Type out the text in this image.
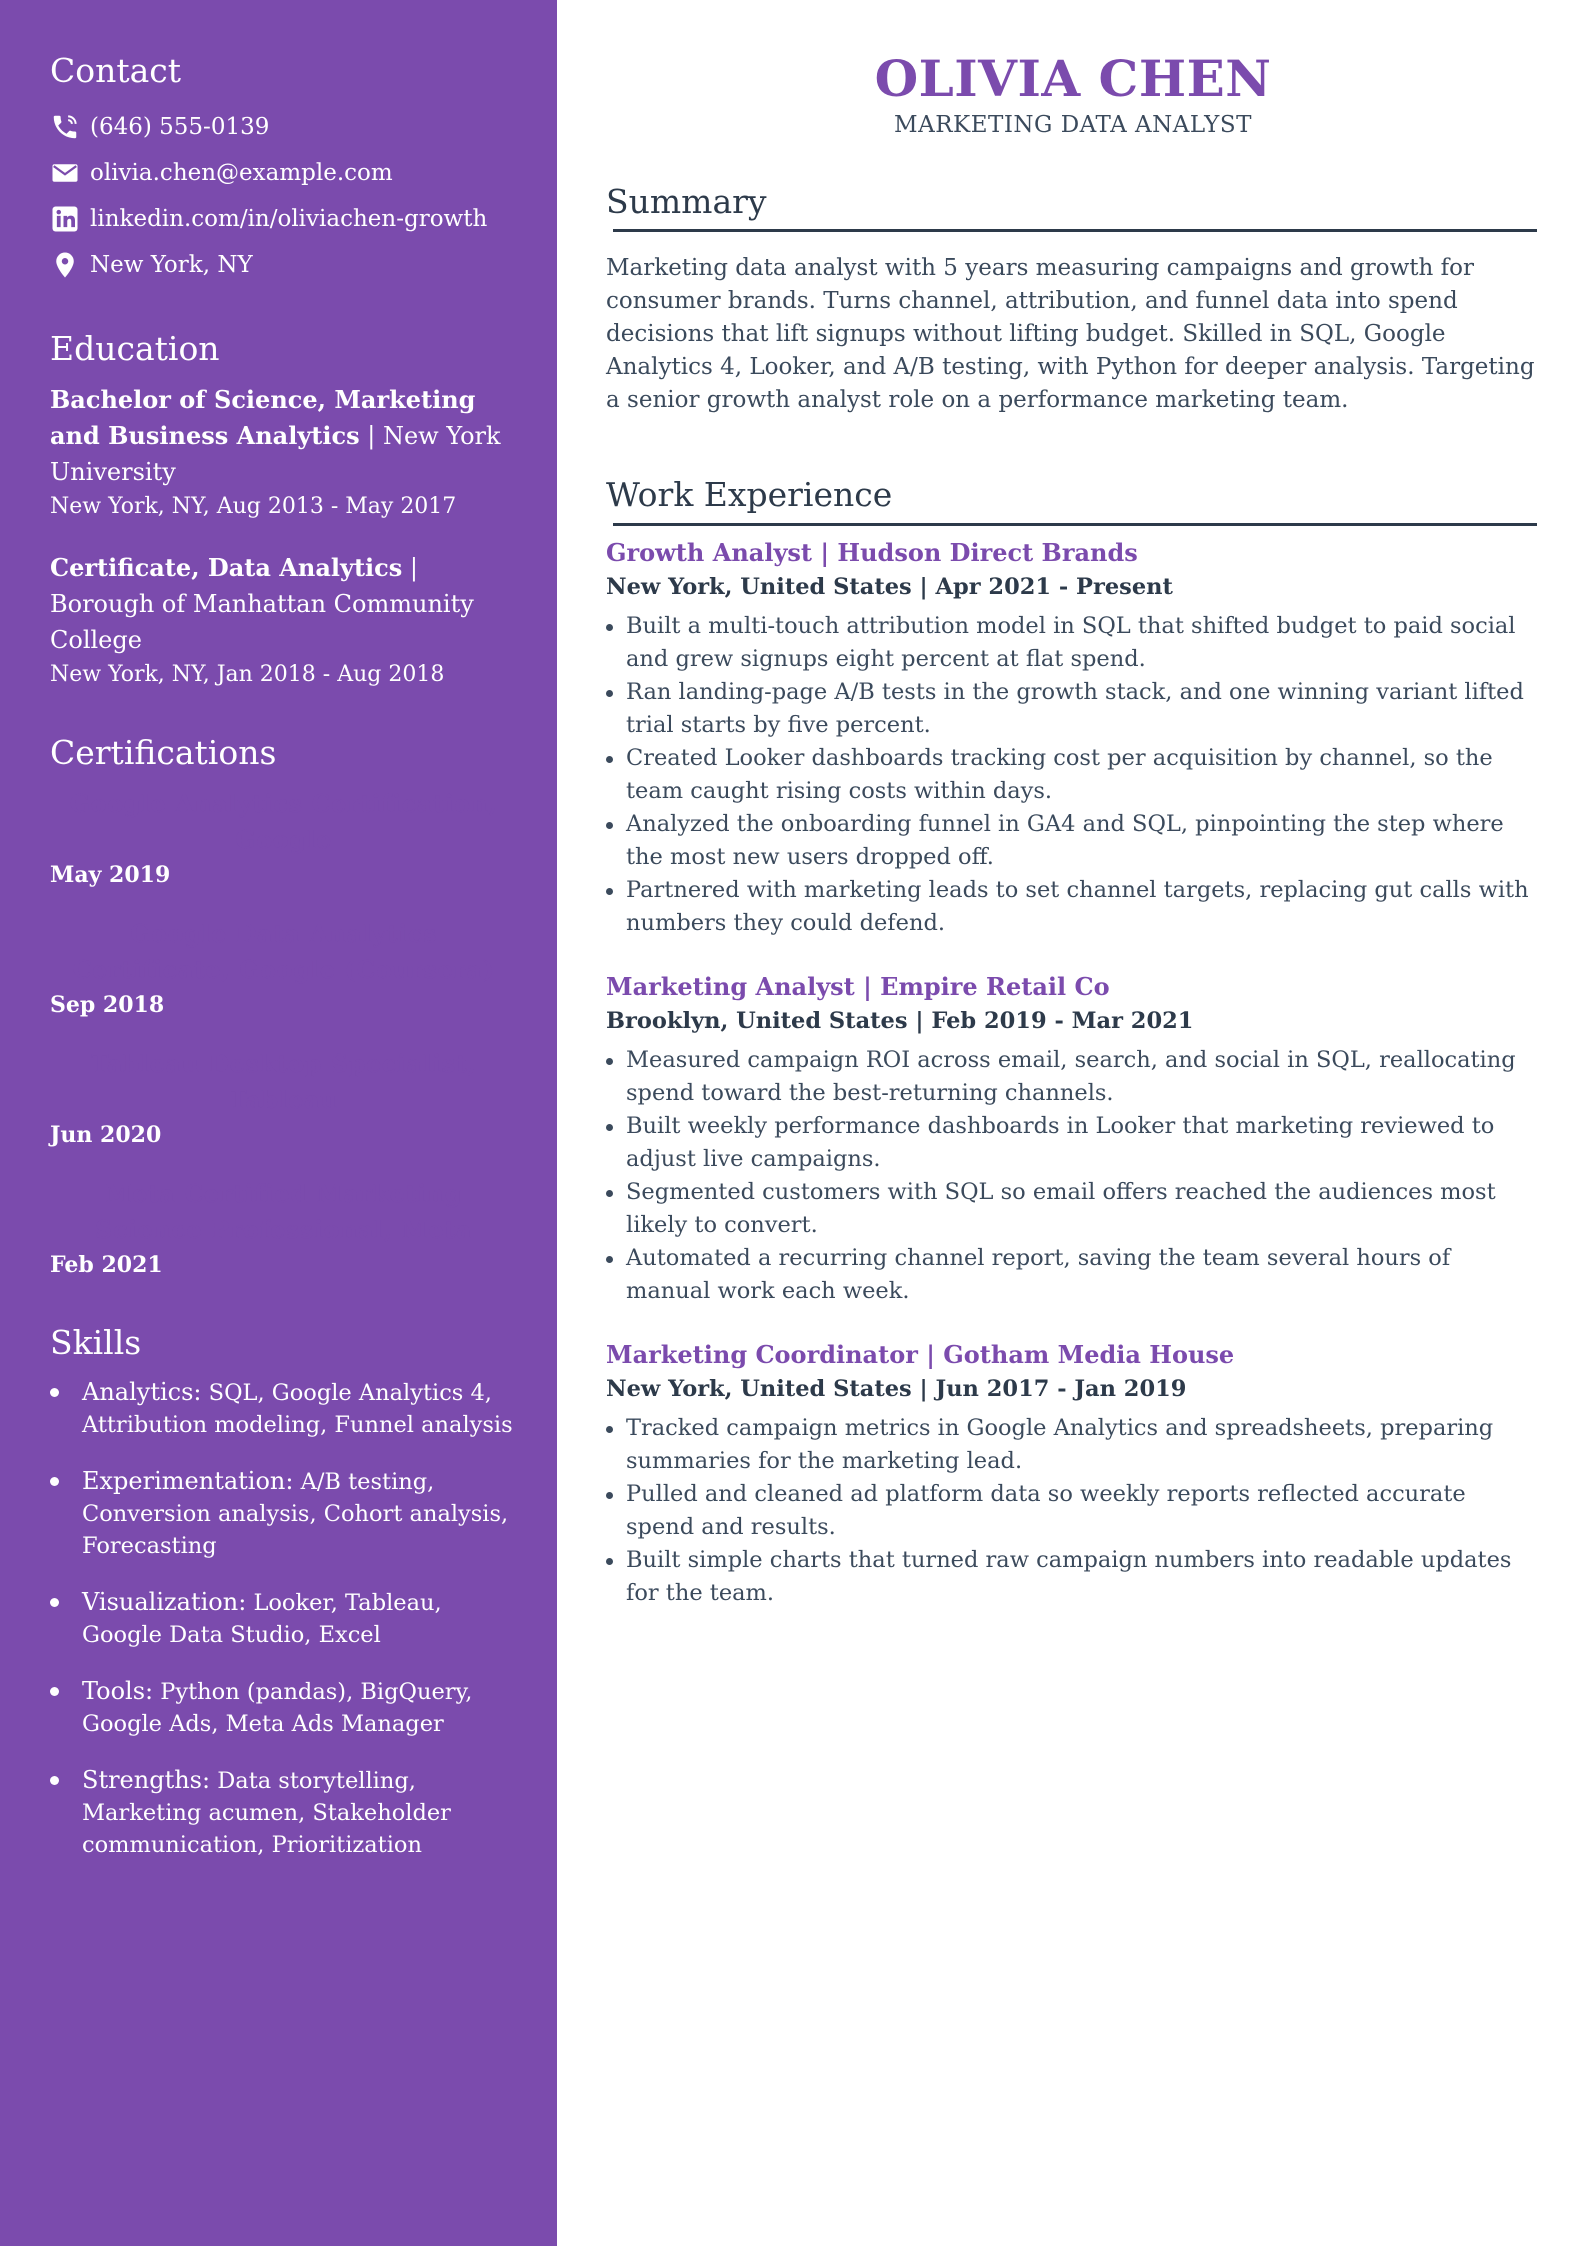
Contact
(646) 555-0139
olivia.chen@example.com
linkedin.com/in/oliviachen-growth
New York, NY
Education
Bachelor of Science, Marketing and Business Analytics | New York University
New York, NY, Aug 2013 - May 2017
Certificate, Data Analytics | Borough of Manhattan Community College
New York, NY, Jan 2018 - Aug 2018
Certifications
Google Analytics Certification, Google
May 2019
Google Data Analytics Certificate, Google (Coursera)
Sep 2018
Tableau Desktop Specialist, Tableau
Jun 2020
Meta Certified Marketing Science Professional, Meta
Feb 2021
Skills
Analytics: SQL, Google Analytics 4, Attribution modeling, Funnel analysis
Experimentation: A/B testing, Conversion analysis, Cohort analysis, Forecasting
Visualization: Looker, Tableau, Google Data Studio, Excel
Tools: Python (pandas), BigQuery, Google Ads, Meta Ads Manager
Strengths: Data storytelling, Marketing acumen, Stakeholder communication, Prioritization
OLIVIA CHEN
MARKETING DATA ANALYST
Summary

Marketing data analyst with 5 years measuring campaigns and growth for consumer brands. Turns channel, attribution, and funnel data into spend decisions that lift signups without lifting budget. Skilled in SQL, Google Analytics 4, Looker, and A/B testing, with Python for deeper analysis. Targeting a senior growth analyst role on a performance marketing team.

Work Experience
Growth Analyst | Hudson Direct Brands
New York, United States | Apr 2021 - Present
Built a multi-touch attribution model in SQL that shifted budget to paid social and grew signups eight percent at flat spend.
Ran landing-page A/B tests in the growth stack, and one winning variant lifted trial starts by five percent.
Created Looker dashboards tracking cost per acquisition by channel, so the team caught rising costs within days.
Analyzed the onboarding funnel in GA4 and SQL, pinpointing the step where the most new users dropped off.
Partnered with marketing leads to set channel targets, replacing gut calls with numbers they could defend.
Marketing Analyst | Empire Retail Co
Brooklyn, United States | Feb 2019 - Mar 2021
Measured campaign ROI across email, search, and social in SQL, reallocating spend toward the best-returning channels.
Built weekly performance dashboards in Looker that marketing reviewed to adjust live campaigns.
Segmented customers with SQL so email offers reached the audiences most likely to convert.
Automated a recurring channel report, saving the team several hours of manual work each week.
Marketing Coordinator | Gotham Media House
New York, United States | Jun 2017 - Jan 2019
Tracked campaign metrics in Google Analytics and spreadsheets, preparing summaries for the marketing lead.
Pulled and cleaned ad platform data so weekly reports reflected accurate spend and results.
Built simple charts that turned raw campaign numbers into readable updates for the team.
